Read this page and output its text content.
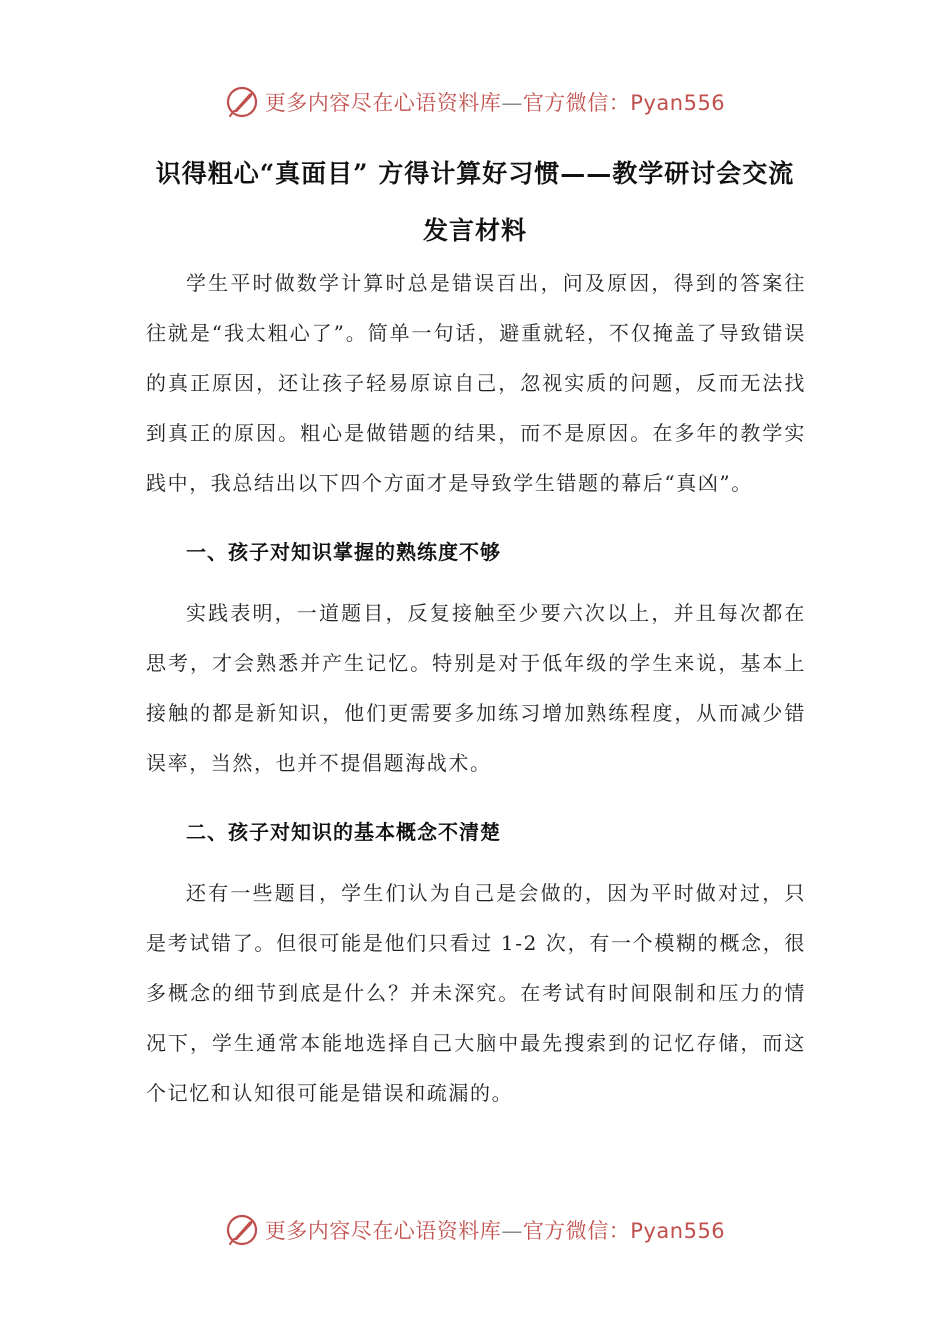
更多内容尽在心语资料库—官方微信：Pyan556
识得粗心“真面目” 方得计算好习惯——教学研讨会交流
发言材料

学生平时做数学计算时总是错误百出，问及原因，得到的答案往往就是“我太粗心了”。简单一句话，避重就轻，不仅掩盖了导致错误的真正原因，还让孩子轻易原谅自己，忽视实质的问题，反而无法找到真正的原因。粗心是做错题的结果，而不是原因。在多年的教学实践中，我总结出以下四个方面才是导致学生错题的幕后“真凶”。

一、孩子对知识掌握的熟练度不够

实践表明，一道题目，反复接触至少要六次以上，并且每次都在思考，才会熟悉并产生记忆。特别是对于低年级的学生来说，基本上接触的都是新知识，他们更需要多加练习增加熟练程度，从而减少错误率，当然，也并不提倡题海战术。

二、孩子对知识的基本概念不清楚

还有一些题目，学生们认为自己是会做的，因为平时做对过，只是考试错了。但很可能是他们只看过 1-2 次，有一个模糊的概念，很多概念的细节到底是什么？并未深究。在考试有时间限制和压力的情况下，学生通常本能地选择自己大脑中最先搜索到的记忆存储，而这个记忆和认知很可能是错误和疏漏的。

更多内容尽在心语资料库—官方微信：Pyan556
